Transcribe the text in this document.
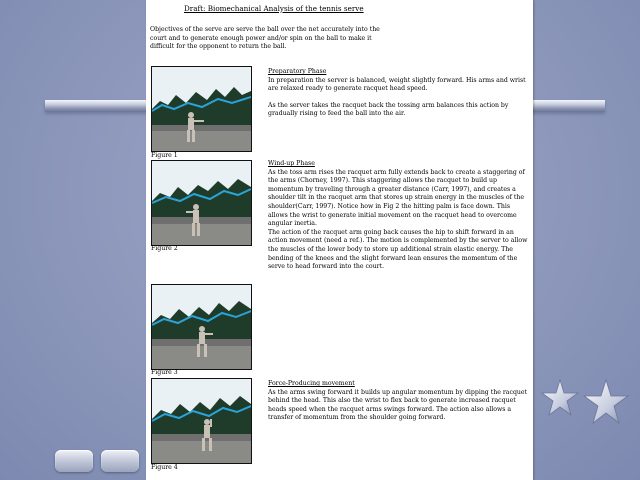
Draft: Biomechanical Analysis of the tennis serve
Objectives of the serve are serve the ball over the net accurately into the court and to generate enough power and/or spin on the ball to make it difficult for the opponent to return the ball.
Figure 1
Figure 2
Figure 3
Figure 4
Preparatory Phase

In preparation the server is balanced, weight slightly forward. His arms and wrist are relaxed ready to generate racquet head speed.

As the server takes the racquet back the tossing arm balances this action by gradually rising to feed the ball into the air.

Wind-up Phase

As the toss arm rises the racquet arm fully extends back to create a staggering of the arms (Chorney, 1997). This staggering allows the racquet to build up momentum by traveling through a greater distance (Carr, 1997), and creates a shoulder tilt in the racquet arm that stores up strain energy in the muscles of the shoulder(Carr, 1997). Notice how in Fig 2 the hitting palm is face down. This allows the wrist to generate initial movement on the racquet head to overcome angular inertia.

The action of the racquet arm going back causes the hip to shift forward in an action movement (need a ref.). The motion is complemented by the server to allow the muscles of the lower body to store up additional strain elastic energy. The bending of the knees and the slight forward lean ensures the momentum of the serve to head forward into the court.

Force-Producing movement

As the arms swing forward it builds up angular momentum by dipping the racquet behind the head. This also the wrist to flex back to generate increased racquet heads speed when the racquet arms swings forward. The action also allows a transfer of momentum from the shoulder going forward.
